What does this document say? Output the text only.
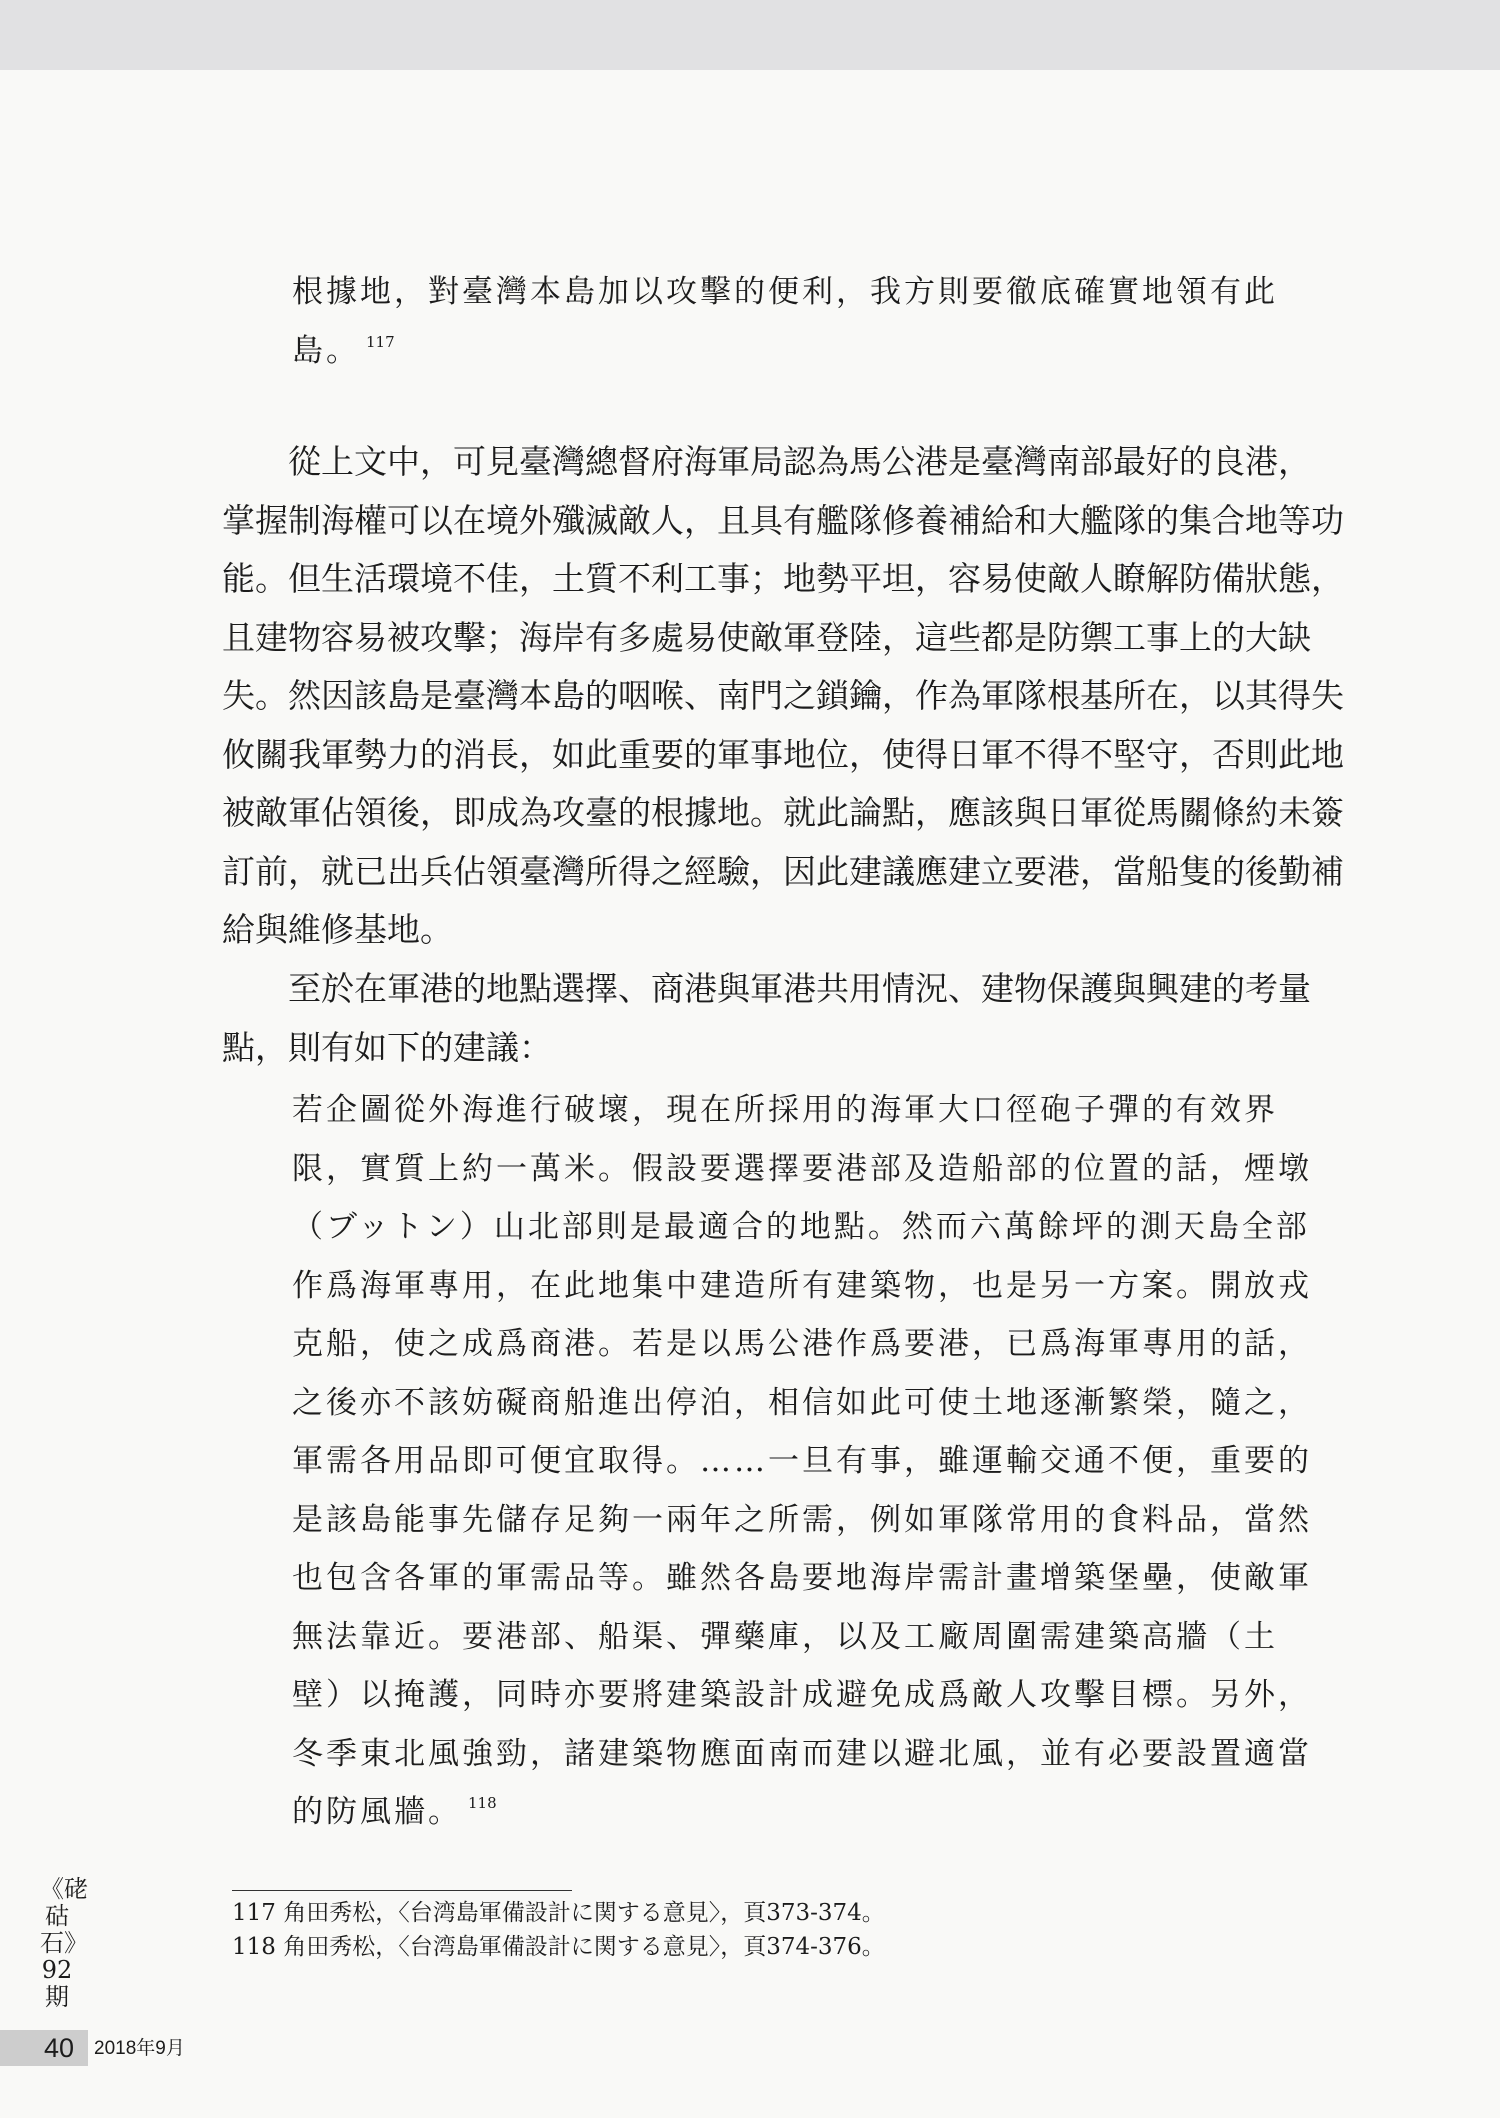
根據地，對臺灣本島加以攻擊的便利，我方則要徹底確實地領有此
島。 $^{117}$
從上文中，可見臺灣總督府海軍局認為馬公港是臺灣南部最好的良港，
掌握制海權可以在境外殲滅敵人，且具有艦隊修養補給和大艦隊的集合地等功
能。但生活環境不佳，土質不利工事；地勢平坦，容易使敵人瞭解防備狀態，
且建物容易被攻擊；海岸有多處易使敵軍登陸，這些都是防禦工事上的大缺
失。然因該島是臺灣本島的咽喉、南門之鎖鑰，作為軍隊根基所在，以其得失
攸關我軍勢力的消長，如此重要的軍事地位，使得日軍不得不堅守，否則此地
被敵軍佔領後，即成為攻臺的根據地。就此論點，應該與日軍從馬關條約未簽
訂前，就已出兵佔領臺灣所得之經驗，因此建議應建立要港，當船隻的後勤補
給與維修基地。
至於在軍港的地點選擇、商港與軍港共用情況、建物保護與興建的考量
點，則有如下的建議：
若企圖從外海進行破壞，現在所採用的海軍大口徑砲子彈的有效界
限，實質上約一萬米。假設要選擇要港部及造船部的位置的話，煙墩
（ブットン）山北部則是最適合的地點。然而六萬餘坪的測天島全部
作爲海軍專用，在此地集中建造所有建築物，也是另一方案。開放戎
克船，使之成爲商港。若是以馬公港作爲要港，已爲海軍專用的話，
之後亦不該妨礙商船進出停泊，相信如此可使土地逐漸繁榮，隨之，
軍需各用品即可便宜取得。……一旦有事，雖運輸交通不便，重要的
是該島能事先儲存足夠一兩年之所需，例如軍隊常用的食料品，當然
也包含各軍的軍需品等。雖然各島要地海岸需計畫增築堡壘，使敵軍
無法靠近。要港部、船渠、彈藥庫，以及工廠周圍需建築高牆（土
壁）以掩護，同時亦要將建築設計成避免成爲敵人攻擊目標。另外，
冬季東北風強勁，諸建築物應面南而建以避北風，並有必要設置適當
的防風牆。 $^{118}$
117 角田秀松，〈台湾島軍備設計に関する意見〉，頁373-374。
118 角田秀松，〈台湾島軍備設計に関する意見〉，頁374-376。
《硓𥑮石》92期
40	2018年9月
